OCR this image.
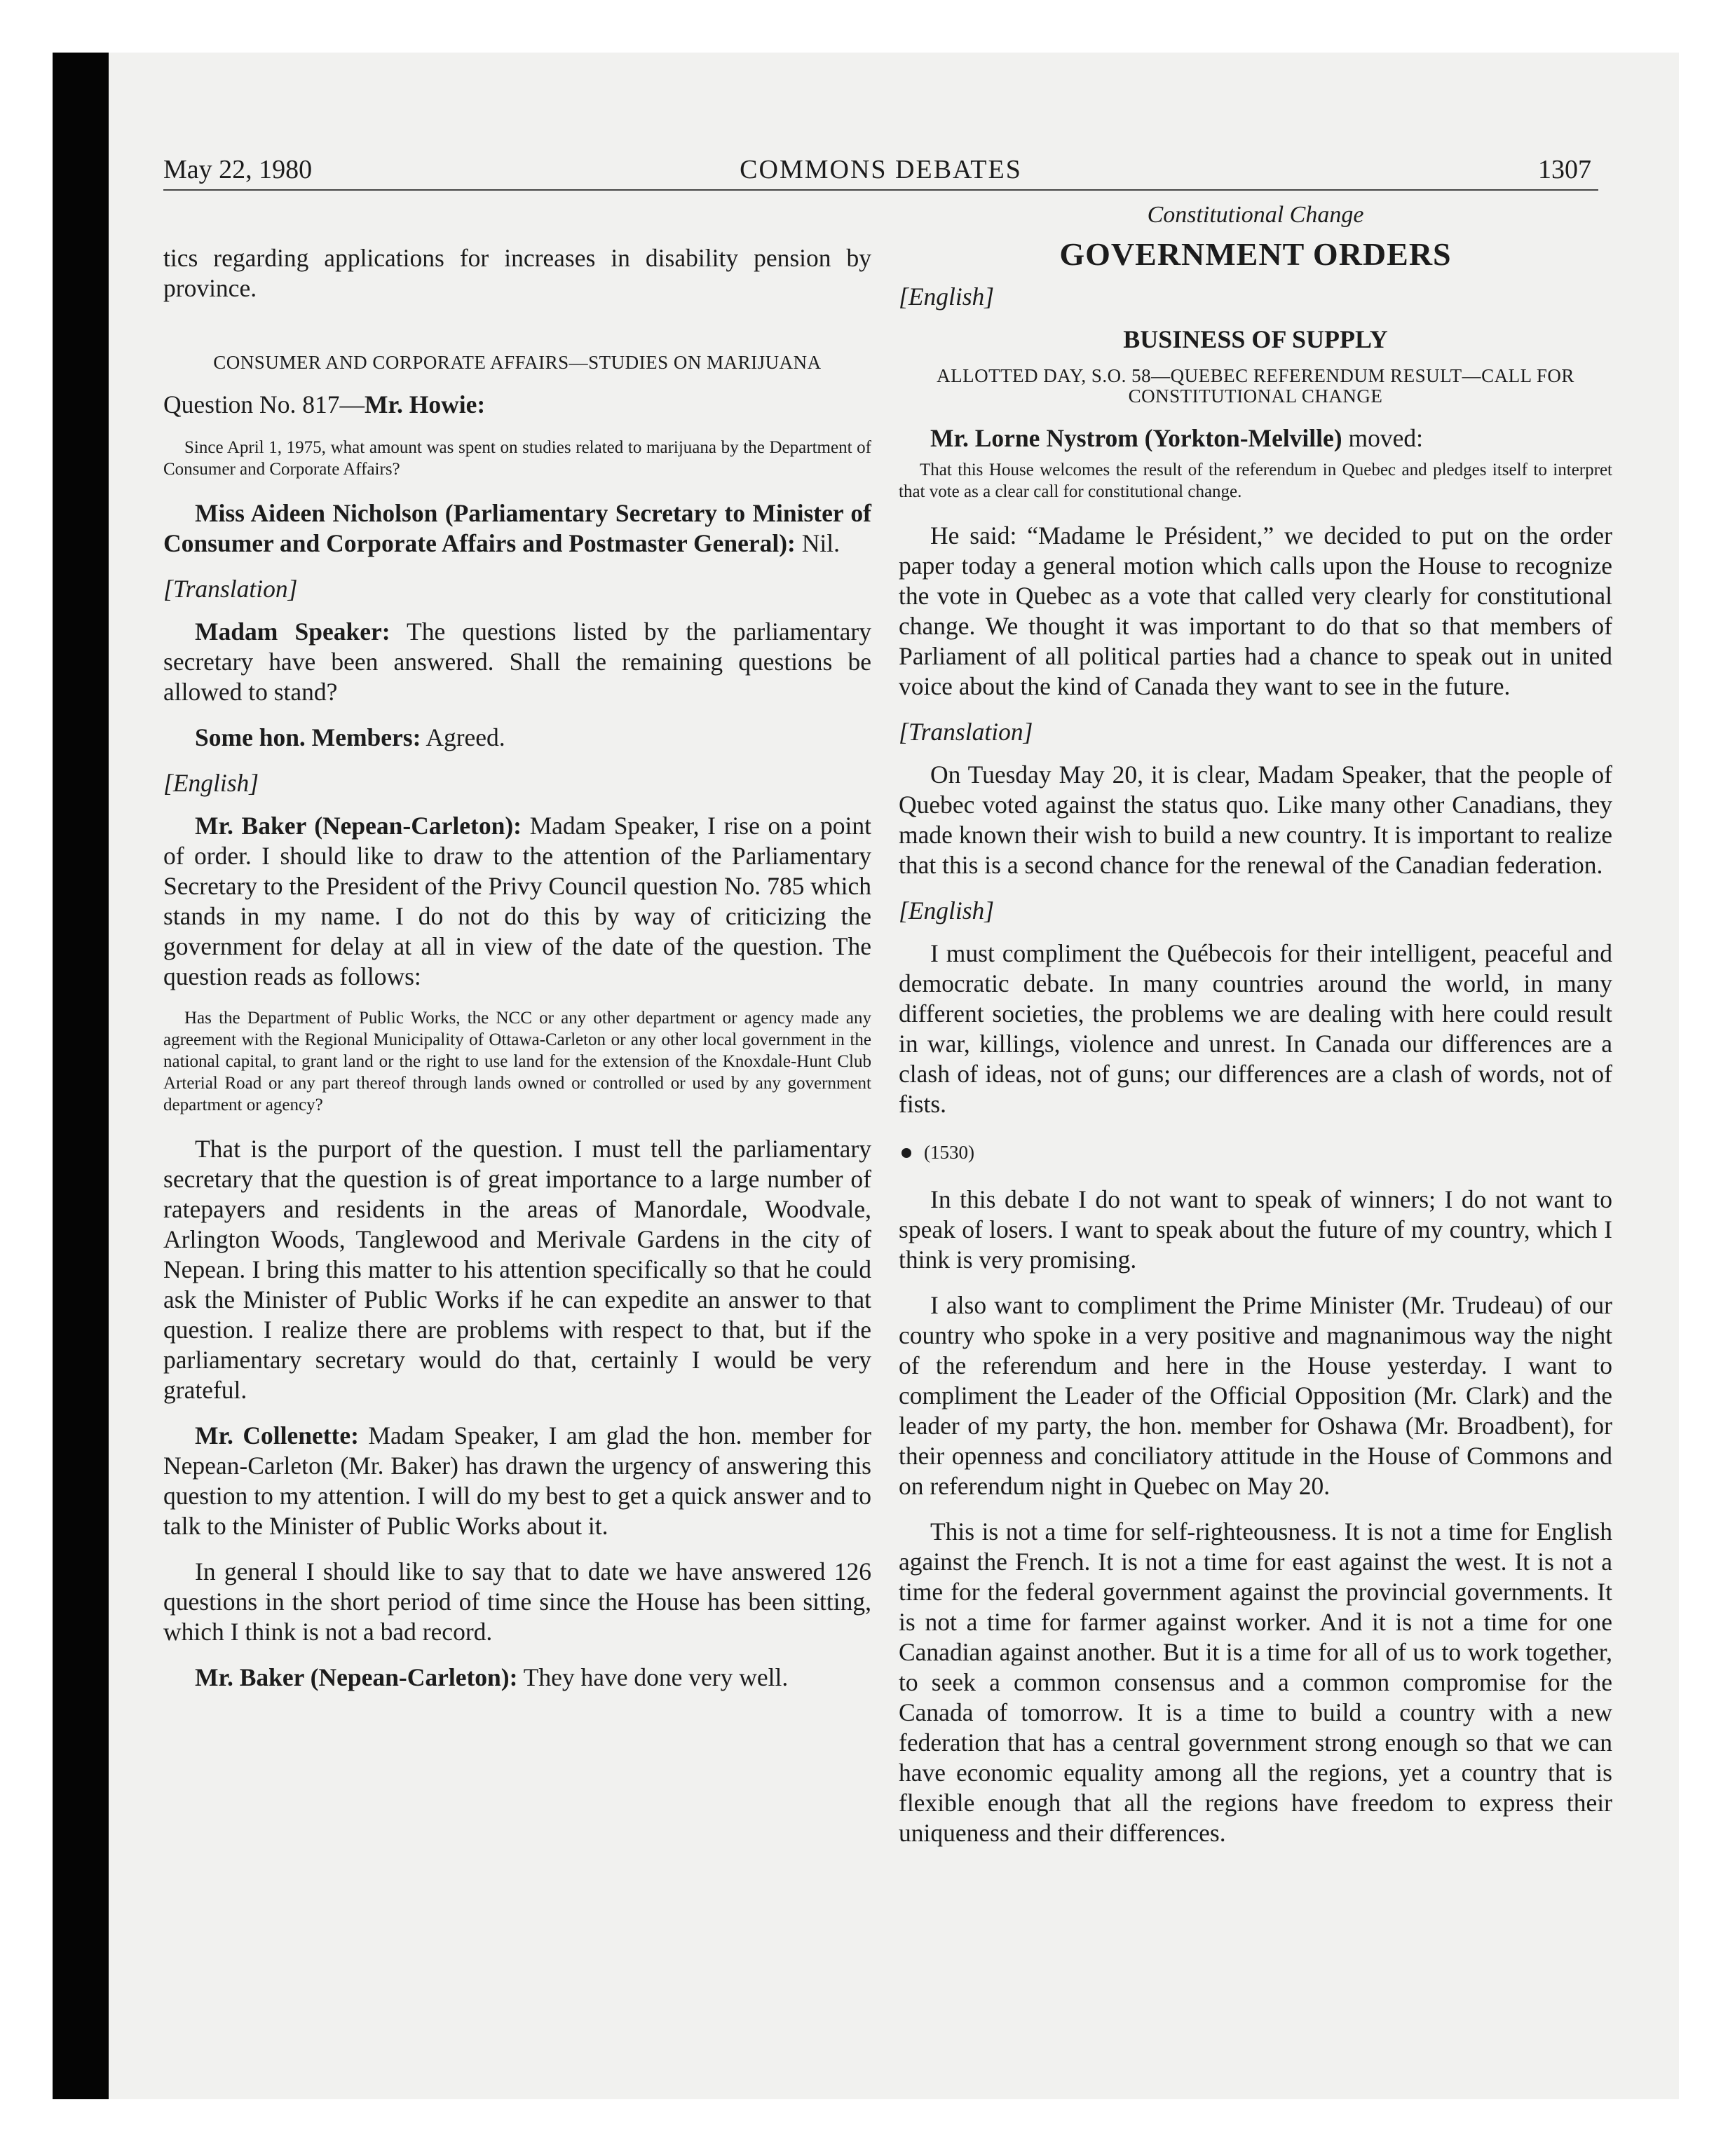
May 22, 1980	COMMONS DEBATES	1307

tics regarding applications for increases in disability pension by province.

CONSUMER AND CORPORATE AFFAIRS—STUDIES ON MARIJUANA

Question No. 817—Mr. Howie:

Since April 1, 1975, what amount was spent on studies related to marijuana by the Department of Consumer and Corporate Affairs?

Miss Aideen Nicholson (Parliamentary Secretary to Minister of Consumer and Corporate Affairs and Postmaster General): Nil.

[Translation]

Madam Speaker: The questions listed by the parliamentary secretary have been answered. Shall the remaining questions be allowed to stand?

Some hon. Members: Agreed.

[English]

Mr. Baker (Nepean-Carleton): Madam Speaker, I rise on a point of order. I should like to draw to the attention of the Parliamentary Secretary to the President of the Privy Council question No. 785 which stands in my name. I do not do this by way of criticizing the government for delay at all in view of the date of the question. The question reads as follows:

Has the Department of Public Works, the NCC or any other department or agency made any agreement with the Regional Municipality of Ottawa-Carleton or any other local government in the national capital, to grant land or the right to use land for the extension of the Knoxdale-Hunt Club Arterial Road or any part thereof through lands owned or controlled or used by any government department or agency?

That is the purport of the question. I must tell the parliamentary secretary that the question is of great importance to a large number of ratepayers and residents in the areas of Manordale, Woodvale, Arlington Woods, Tanglewood and Merivale Gardens in the city of Nepean. I bring this matter to his attention specifically so that he could ask the Minister of Public Works if he can expedite an answer to that question. I realize there are problems with respect to that, but if the parliamentary secretary would do that, certainly I would be very grateful.

Mr. Collenette: Madam Speaker, I am glad the hon. member for Nepean-Carleton (Mr. Baker) has drawn the urgency of answering this question to my attention. I will do my best to get a quick answer and to talk to the Minister of Public Works about it.

In general I should like to say that to date we have answered 126 questions in the short period of time since the House has been sitting, which I think is not a bad record.

Mr. Baker (Nepean-Carleton): They have done very well.

Constitutional Change
GOVERNMENT ORDERS
[English]
BUSINESS OF SUPPLY
ALLOTTED DAY, S.O. 58—QUEBEC REFERENDUM RESULT—CALL FOR CONSTITUTIONAL CHANGE

Mr. Lorne Nystrom (Yorkton-Melville) moved:

That this House welcomes the result of the referendum in Quebec and pledges itself to interpret that vote as a clear call for constitutional change.

He said: “Madame le Président,” we decided to put on the order paper today a general motion which calls upon the House to recognize the vote in Quebec as a vote that called very clearly for constitutional change. We thought it was important to do that so that members of Parliament of all political parties had a chance to speak out in united voice about the kind of Canada they want to see in the future.

[Translation]

On Tuesday May 20, it is clear, Madam Speaker, that the people of Quebec voted against the status quo. Like many other Canadians, they made known their wish to build a new country. It is important to realize that this is a second chance for the renewal of the Canadian federation.

[English]

I must compliment the Québecois for their intelligent, peaceful and democratic debate. In many countries around the world, in many different societies, the problems we are dealing with here could result in war, killings, violence and unrest. In Canada our differences are a clash of ideas, not of guns; our differences are a clash of words, not of fists.

(1530)

In this debate I do not want to speak of winners; I do not want to speak of losers. I want to speak about the future of my country, which I think is very promising.

I also want to compliment the Prime Minister (Mr. Trudeau) of our country who spoke in a very positive and magnanimous way the night of the referendum and here in the House yesterday. I want to compliment the Leader of the Official Opposition (Mr. Clark) and the leader of my party, the hon. member for Oshawa (Mr. Broadbent), for their openness and conciliatory attitude in the House of Commons and on referendum night in Quebec on May 20.

This is not a time for self-righteousness. It is not a time for English against the French. It is not a time for east against the west. It is not a time for the federal government against the provincial governments. It is not a time for farmer against worker. And it is not a time for one Canadian against another. But it is a time for all of us to work together, to seek a common consensus and a common compromise for the Canada of tomorrow. It is a time to build a country with a new federation that has a central government strong enough so that we can have economic equality among all the regions, yet a country that is flexible enough that all the regions have freedom to express their uniqueness and their differences.
